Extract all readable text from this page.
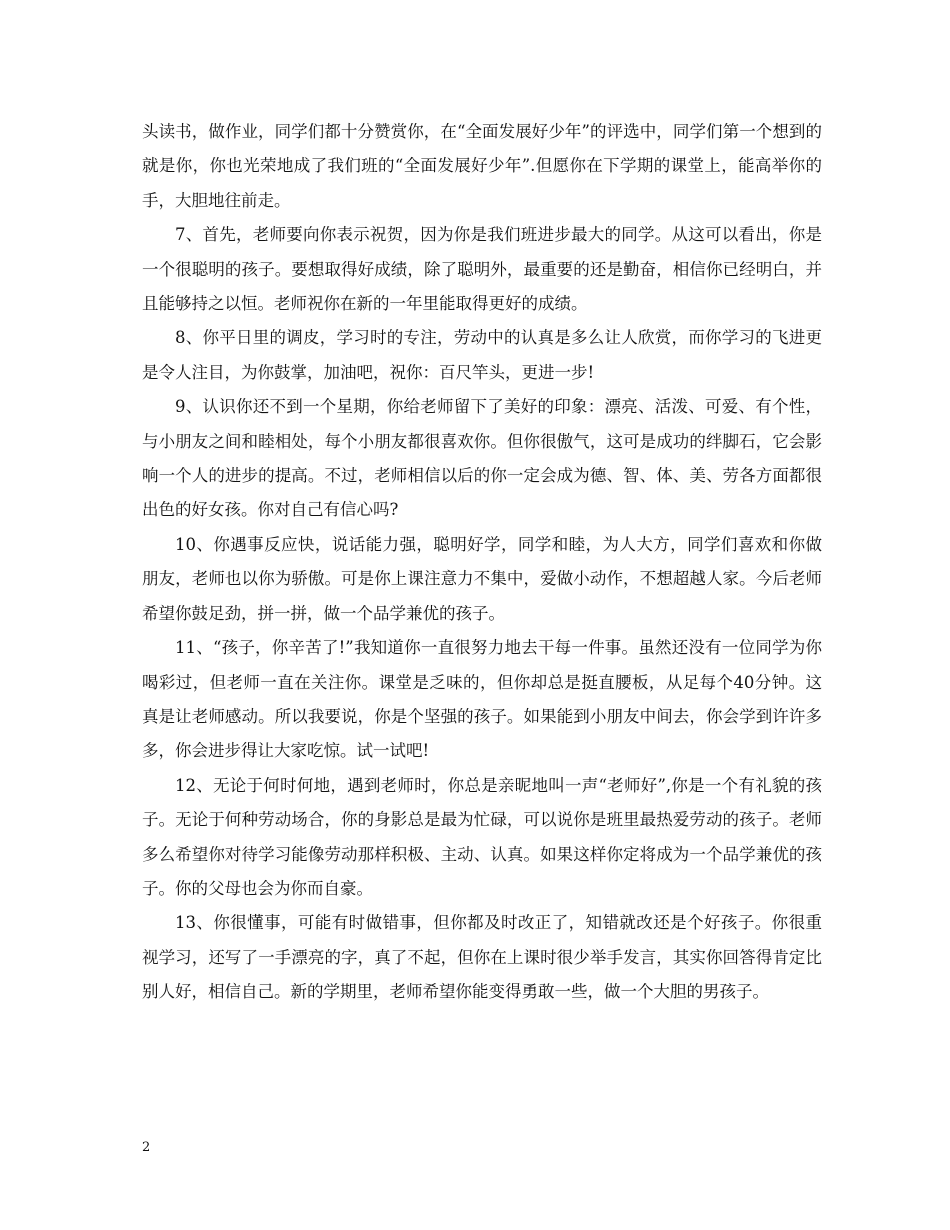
头读书，做作业，同学们都十分赞赏你，在“全面发展好少年”的评选中，同学们第一个想到的就是你，你也光荣地成了我们班的“全面发展好少年”.但愿你在下学期的课堂上，能高举你的手，大胆地往前走。

7、首先，老师要向你表示祝贺，因为你是我们班进步最大的同学。从这可以看出，你是一个很聪明的孩子。要想取得好成绩，除了聪明外，最重要的还是勤奋，相信你已经明白，并且能够持之以恒。老师祝你在新的一年里能取得更好的成绩。

8、你平日里的调皮，学习时的专注，劳动中的认真是多么让人欣赏，而你学习的飞进更是令人注目，为你鼓掌，加油吧，祝你：百尺竿头，更进一步!

9、认识你还不到一个星期，你给老师留下了美好的印象：漂亮、活泼、可爱、有个性，与小朋友之间和睦相处，每个小朋友都很喜欢你。但你很傲气，这可是成功的绊脚石，它会影响一个人的进步的提高。不过，老师相信以后的你一定会成为德、智、体、美、劳各方面都很出色的好女孩。你对自己有信心吗?

10、你遇事反应快，说话能力强，聪明好学，同学和睦，为人大方，同学们喜欢和你做朋友，老师也以你为骄傲。可是你上课注意力不集中，爱做小动作，不想超越人家。今后老师希望你鼓足劲，拼一拼，做一个品学兼优的孩子。

11、“孩子，你辛苦了!”我知道你一直很努力地去干每一件事。虽然还没有一位同学为你喝彩过，但老师一直在关注你。课堂是乏味的，但你却总是挺直腰板，从足每个40分钟。这真是让老师感动。所以我要说，你是个坚强的孩子。如果能到小朋友中间去，你会学到许许多多，你会进步得让大家吃惊。试一试吧!

12、无论于何时何地，遇到老师时，你总是亲昵地叫一声“老师好”,你是一个有礼貌的孩子。无论于何种劳动场合，你的身影总是最为忙碌，可以说你是班里最热爱劳动的孩子。老师多么希望你对待学习能像劳动那样积极、主动、认真。如果这样你定将成为一个品学兼优的孩子。你的父母也会为你而自豪。

13、你很懂事，可能有时做错事，但你都及时改正了，知错就改还是个好孩子。你很重视学习，还写了一手漂亮的字，真了不起，但你在上课时很少举手发言，其实你回答得肯定比别人好，相信自己。新的学期里，老师希望你能变得勇敢一些，做一个大胆的男孩子。

2
